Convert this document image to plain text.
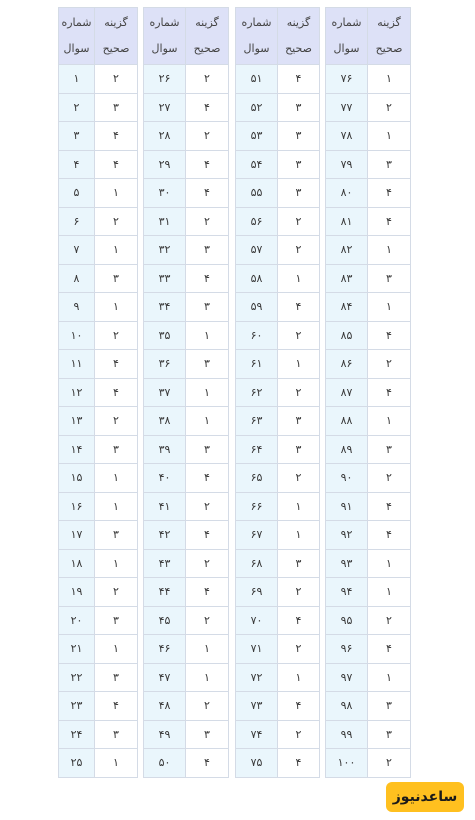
شماره
سوال	گزینه
صحیح

۷۶	۱
۷۷	۲
۷۸	۱
۷۹	۳
۸۰	۴
۸۱	۴
۸۲	۱
۸۳	۳
۸۴	۱
۸۵	۴
۸۶	۲
۸۷	۴
۸۸	۱
۸۹	۳
۹۰	۲
۹۱	۴
۹۲	۴
۹۳	۱
۹۴	۱
۹۵	۲
۹۶	۴
۹۷	۱
۹۸	۳
۹۹	۳
۱۰۰	۲
شماره
سوال	گزینه
صحیح

۵۱	۴
۵۲	۳
۵۳	۳
۵۴	۳
۵۵	۳
۵۶	۲
۵۷	۲
۵۸	۱
۵۹	۴
۶۰	۲
۶۱	۱
۶۲	۲
۶۳	۳
۶۴	۳
۶۵	۲
۶۶	۱
۶۷	۱
۶۸	۳
۶۹	۲
۷۰	۴
۷۱	۲
۷۲	۱
۷۳	۴
۷۴	۲
۷۵	۴
شماره
سوال	گزینه
صحیح

۲۶	۲
۲۷	۴
۲۸	۲
۲۹	۴
۳۰	۴
۳۱	۲
۳۲	۳
۳۳	۴
۳۴	۳
۳۵	۱
۳۶	۳
۳۷	۱
۳۸	۱
۳۹	۳
۴۰	۴
۴۱	۲
۴۲	۴
۴۳	۲
۴۴	۴
۴۵	۲
۴۶	۱
۴۷	۱
۴۸	۲
۴۹	۳
۵۰	۴
شماره
سوال	گزینه
صحیح

۱	۲
۲	۳
۳	۴
۴	۴
۵	۱
۶	۲
۷	۱
۸	۳
۹	۱
۱۰	۲
۱۱	۴
۱۲	۴
۱۳	۲
۱۴	۳
۱۵	۱
۱۶	۱
۱۷	۳
۱۸	۱
۱۹	۲
۲۰	۳
۲۱	۱
۲۲	۳
۲۳	۴
۲۴	۳
۲۵	۱
ساعدنیوز
